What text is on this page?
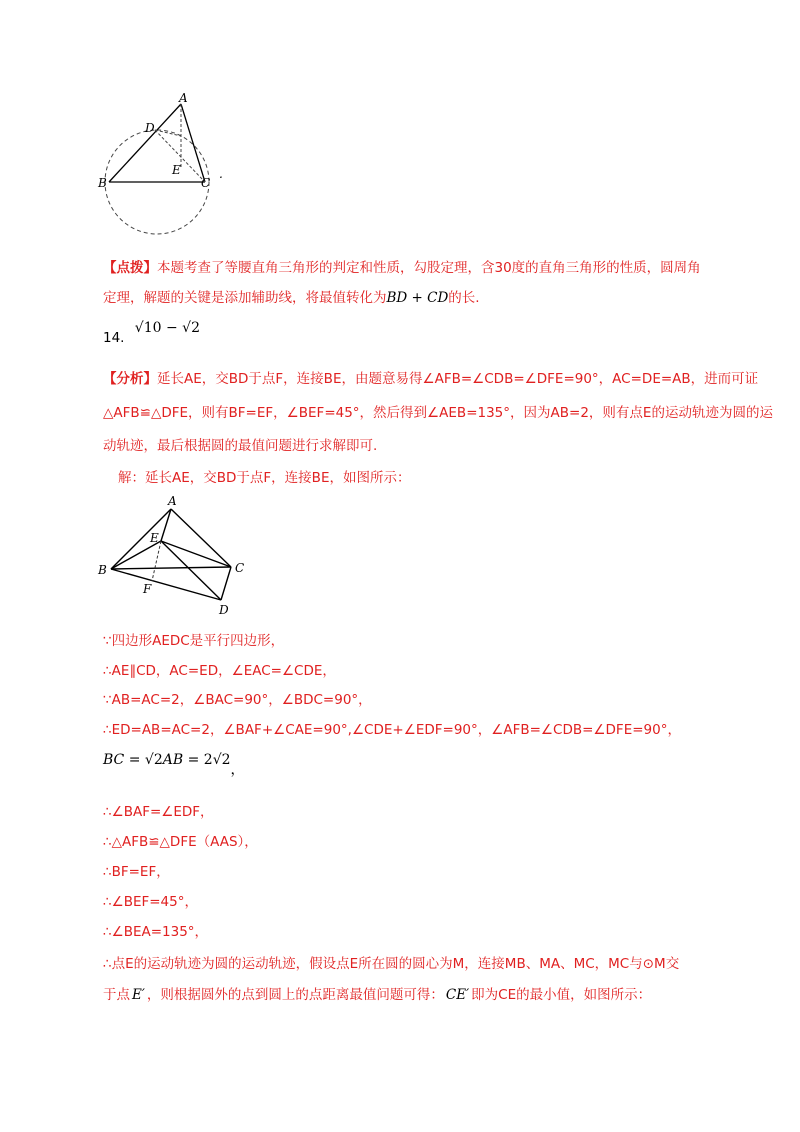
A
D
E
B	C
.
【点拨】本题考查了等腰直角三角形的判定和性质，勾股定理，含30度的直角三角形的性质，圆周角
定理，解题的关键是添加辅助线，将最值转化为BD + CD的长.
14. √10 − √2
【分析】延长AE，交BD于点F，连接BE，由题意易得∠AFB=∠CDB=∠DFE=90°，AC=DE=AB，进而可证
△AFB≌△DFE，则有BF=EF，∠BEF=45°，然后得到∠AEB=135°，因为AB=2，则有点E的运动轨迹为圆的运
动轨迹，最后根据圆的最值问题进行求解即可.
解：延长AE，交BD于点F，连接BE，如图所示：
A
E
B	C
F
D
∵四边形AEDC是平行四边形，
∴AE∥CD，AC=ED，∠EAC=∠CDE，
∵AB=AC=2，∠BAC=90°，∠BDC=90°，
∴ED=AB=AC=2，∠BAF+∠CAE=90°,∠CDE+∠EDF=90°，∠AFB=∠CDB=∠DFE=90°，
BC = √2AB = 2√2，
∴∠BAF=∠EDF，
∴△AFB≌△DFE（AAS），
∴BF=EF，
∴∠BEF=45°，
∴∠BEA=135°，
∴点E的运动轨迹为圆的运动轨迹，假设点E所在圆的圆心为M，连接MB、MA、MC，MC与⊙M交
于点 E′ ，则根据圆外的点到圆上的点距离最值问题可得： CE′ 即为CE的最小值，如图所示：
